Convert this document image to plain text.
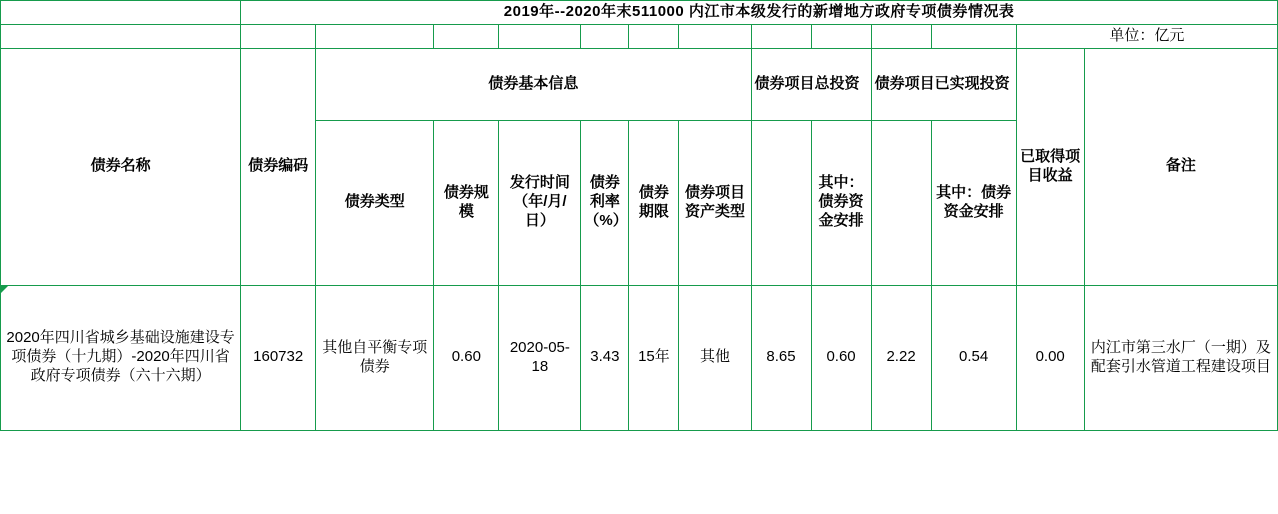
	2019年--2020年末511000 内江市本级发行的新增地方政府专项债券情况表												
												单位：亿元	
债券名称	债券编码	债券基本信息						债券项目总投资		债券项目已实现投资		已取得项目收益	备注
		债券类型	债券规模	发行时间（年/月/日）	债券利率（%）	债券期限	债券项目资产类型		其中：债券资金安排		其中：债券资金安排		
2020年四川省城乡基础设施建设专项债券（十九期）-2020年四川省政府专项债券（六十六期）	160732	其他自平衡专项债券	0.60	2020-05-18	3.43	15年	其他	8.65	0.60	2.22	0.54	0.00	内江市第三水厂（一期）及配套引水管道工程建设项目
